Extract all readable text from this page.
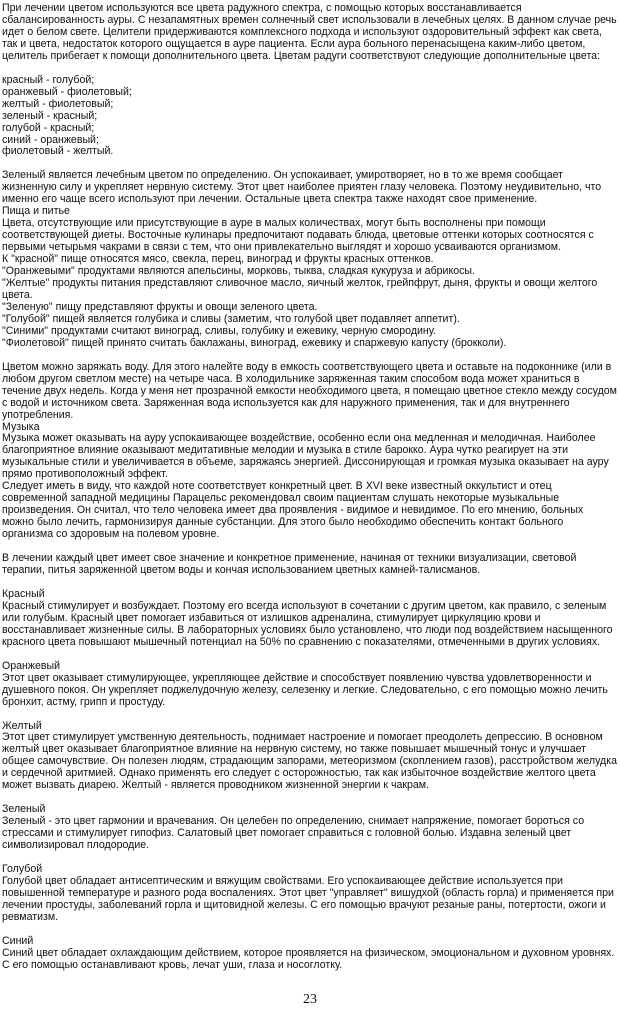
При лечении цветом используются все цвета радужного спектра, с помощью которых восстанавливается сбалансированность ауры. С незапамятных времен солнечный свет использовали в лечебных целях. В данном случае речь идет о белом свете. Целители придерживаются комплексного подхода и используют оздоровительный эффект как света, так и цвета, недостаток которого ощущается в ауре пациента. Если аура больного перенасыщена каким-либо цветом, целитель прибегает к помощи дополнительного цвета. Цветам радуги соответствуют следующие дополнительные цвета:

красный - голубой;
оранжевый - фиолетовый;
желтый - фиолетовый;
зеленый - красный;
голубой - красный;
синий - оранжевый;
фиолетовый - желтый.

Зеленый является лечебным цветом по определению. Он успокаивает, умиротворяет, но в то же время сообщает жизненную силу и укрепляет нервную систему. Этот цвет наиболее приятен глазу человека. Поэтому неудивительно, что именно его чаще всего используют при лечении. Остальные цвета спектра также находят свое применение.

Пища и питье

Цвета, отсутствующие или присутствующие в ауре в малых количествах, могут быть восполнены при помощи соответствующей диеты. Восточные кулинары предпочитают подавать блюда, цветовые оттенки которых соотносятся с первыми четырьмя чакрами в связи с тем, что они привлекательно выглядят и хорошо усваиваются организмом.

К "красной" пище относятся мясо, свекла, перец, виноград и фрукты красных оттенков.
"Оранжевыми" продуктами являются апельсины, морковь, тыква, сладкая кукуруза и абрикосы.
"Желтые" продукты питания представляют сливочное масло, яичный желток, грейпфрут, дыня, фрукты и овощи желтого цвета.
"Зеленую" пищу представляют фрукты и овощи зеленого цвета.
"Голубой" пищей является голубика и сливы (заметим, что голубой цвет подавляет аппетит).
"Синими" продуктами считают виноград, сливы, голубику и ежевику, черную смородину.
"Фиолетовой" пищей принято считать баклажаны, виноград, ежевику и спаржевую капусту (брокколи).

Цветом можно заряжать воду. Для этого налейте воду в емкость соответствующего цвета и оставьте на подоконнике (или в любом другом светлом месте) на четыре часа. В холодильнике заряженная таким способом вода может храниться в течение двух недель. Когда у меня нет прозрачной емкости необходимого цвета, я помещаю цветное стекло между сосудом с водой и источником света. Заряженная вода используется как для наружного применения, так и для внутреннего употребления.

Музыка

Музыка может оказывать на ауру успокаивающее воздействие, особенно если она медленная и мелодичная. Наиболее благоприятное влияние оказывают медитативные мелодии и музыка в стиле барокко. Аура чутко реагирует на эти музыкальные стили и увеличивается в объеме, заряжаясь энергией. Диссонирующая и громкая музыка оказывает на ауру прямо противоположный эффект.

Следует иметь в виду, что каждой ноте соответствует конкретный цвет. В XVI веке известный оккультист и отец современной западной медицины Парацельс рекомендовал своим пациентам слушать некоторые музыкальные произведения. Он считал, что тело человека имеет два проявления - видимое и невидимое. По его мнению, больных можно было лечить, гармонизируя данные субстанции. Для этого было необходимо обеспечить контакт больного организма со здоровым на полевом уровне.

В лечении каждый цвет имеет свое значение и конкретное применение, начиная от техники визуализации, световой терапии, питья заряженной цветом воды и кончая использованием цветных камней-талисманов.

Красный

Красный стимулирует и возбуждает. Поэтому его всегда используют в сочетании с другим цветом, как правило, с зеленым или голубым. Красный цвет помогает избавиться от излишков адреналина, стимулирует циркуляцию крови и восстанавливает жизненные силы. В лабораторных условиях было установлено, что люди под воздействием насыщенного красного цвета повышают мышечный потенциал на 50% по сравнению с показателями, отмеченными в других условиях.

Оранжевый

Этот цвет оказывает стимулирующее, укрепляющее действие и способствует появлению чувства удовлетворенности и душевного покоя. Он укрепляет поджелудочную железу, селезенку и легкие. Следовательно, с его помощью можно лечить бронхит, астму, грипп и простуду.

Желтый

Этот цвет стимулирует умственную деятельность, поднимает настроение и помогает преодолеть депрессию. В основном желтый цвет оказывает благоприятное влияние на нервную систему, но также повышает мышечный тонус и улучшает общее самочувствие. Он полезен людям, страдающим запорами, метеоризмом (скоплением газов), расстройством желудка и сердечной аритмией. Однако применять его следует с осторожностью, так как избыточное воздействие желтого цвета может вызвать диарею. Желтый - является проводником жизненной энергии к чакрам.

Зеленый

Зеленый - это цвет гармонии и врачевания. Он целебен по определению, снимает напряжение, помогает бороться со стрессами и стимулирует гипофиз. Салатовый цвет помогает справиться с головной болью. Издавна зеленый цвет символизировал плодородие.

Голубой

Голубой цвет обладает антисептическим и вяжущим свойствами. Его успокаивающее действие используется при повышенной температуре и разного рода воспалениях. Этот цвет "управляет" вишудхой (область горла) и применяется при лечении простуды, заболеваний горла и щитовидной железы. С его помощью врачуют резаные раны, потертости, ожоги и ревматизм.

Синий

Синий цвет обладает охлаждающим действием, которое проявляется на физическом, эмоциональном и духовном уровнях. С его помощью останавливают кровь, лечат уши, глаза и носоглотку.

23
